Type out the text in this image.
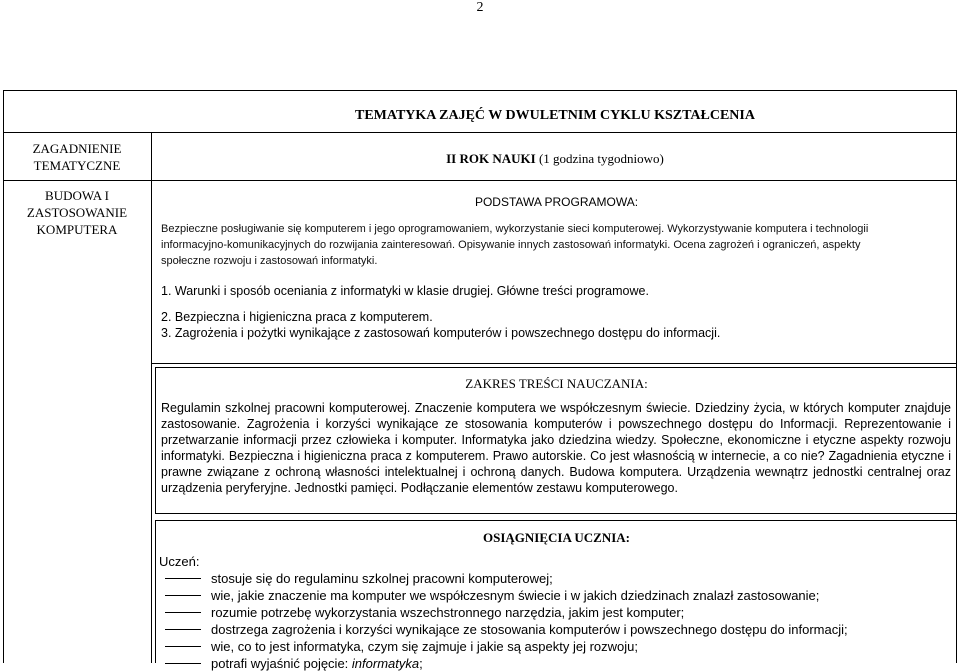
2
TEMATYKA ZAJĘĆ W DWULETNIM CYKLU KSZTAŁCENIA
ZAGADNIENIE
TEMATYCZNE
BUDOWA I
ZASTOSOWANIE
KOMPUTERA
II ROK NAUKI (1 godzina tygodniowo)
PODSTAWA PROGRAMOWA:
Bezpieczne posługiwanie się komputerem i jego oprogramowaniem, wykorzystanie sieci komputerowej. Wykorzystywanie komputera i technologii
informacyjno-komunikacyjnych do rozwijania zainteresowań. Opisywanie innych zastosowań informatyki. Ocena zagrożeń i ograniczeń, aspekty
społeczne rozwoju i zastosowań informatyki.
1. Warunki i sposób oceniania z informatyki w klasie drugiej. Główne treści programowe.
2. Bezpieczna i higieniczna praca z komputerem.
3. Zagrożenia i pożytki wynikające z zastosowań komputerów i powszechnego dostępu do informacji.
ZAKRES TREŚCI NAUCZANIA:
Regulamin szkolnej pracowni komputerowej. Znaczenie komputera we współczesnym świecie. Dziedziny życia, w których komputer znajduje zastosowanie. Zagrożenia i korzyści wynikające ze stosowania komputerów i powszechnego dostępu do Informacji. Reprezentowanie i przetwarzanie informacji przez człowieka i komputer. Informatyka jako dziedzina wiedzy. Społeczne, ekonomiczne i etyczne aspekty rozwoju informatyki. Bezpieczna i higieniczna praca z komputerem. Prawo autorskie. Co jest własnością w internecie, a co nie? Zagadnienia etyczne i prawne związane z ochroną własności intelektualnej i ochroną danych. Budowa komputera. Urządzenia wewnątrz jednostki centralnej oraz urządzenia peryferyjne. Jednostki pamięci. Podłączanie elementów zestawu komputerowego.
OSIĄGNIĘCIA UCZNIA:
Uczeń:
stosuje się do regulaminu szkolnej pracowni komputerowej;
wie, jakie znaczenie ma komputer we współczesnym świecie i w jakich dziedzinach znalazł zastosowanie;
rozumie potrzebę wykorzystania wszechstronnego narzędzia, jakim jest komputer;
dostrzega zagrożenia i korzyści wynikające ze stosowania komputerów i powszechnego dostępu do informacji;
wie, co to jest informatyka, czym się zajmuje i jakie są aspekty jej rozwoju;
potrafi wyjaśnić pojęcie: informatyka ;
